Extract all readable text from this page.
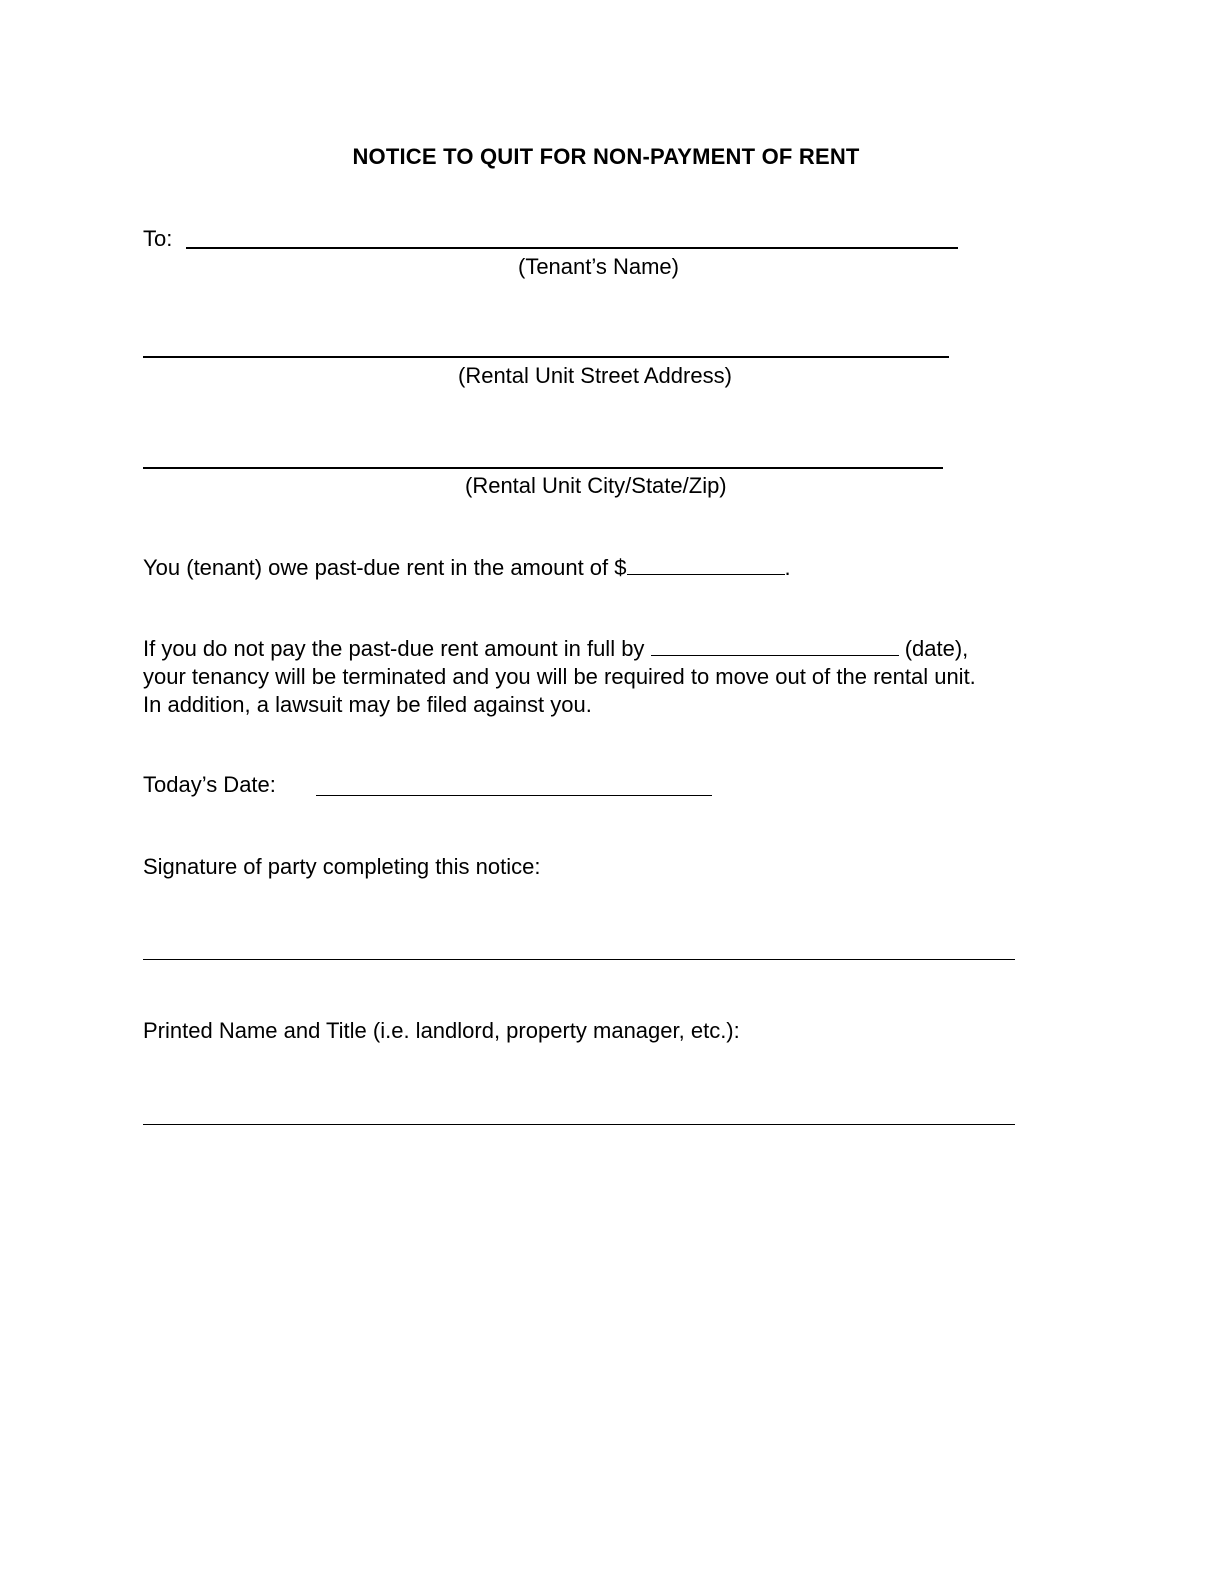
NOTICE TO QUIT FOR NON-PAYMENT OF RENT
To:
(Tenant’s Name)
(Rental Unit Street Address)
(Rental Unit City/State/Zip)
You (tenant) owe past-due rent in the amount of $	.
If you do not pay the past-due rent amount in full by	(date),
your tenancy will be terminated and you will be required to move out of the rental unit.
In addition, a lawsuit may be filed against you.
Today’s Date:
Signature of party completing this notice:
Printed Name and Title (i.e. landlord, property manager, etc.):
